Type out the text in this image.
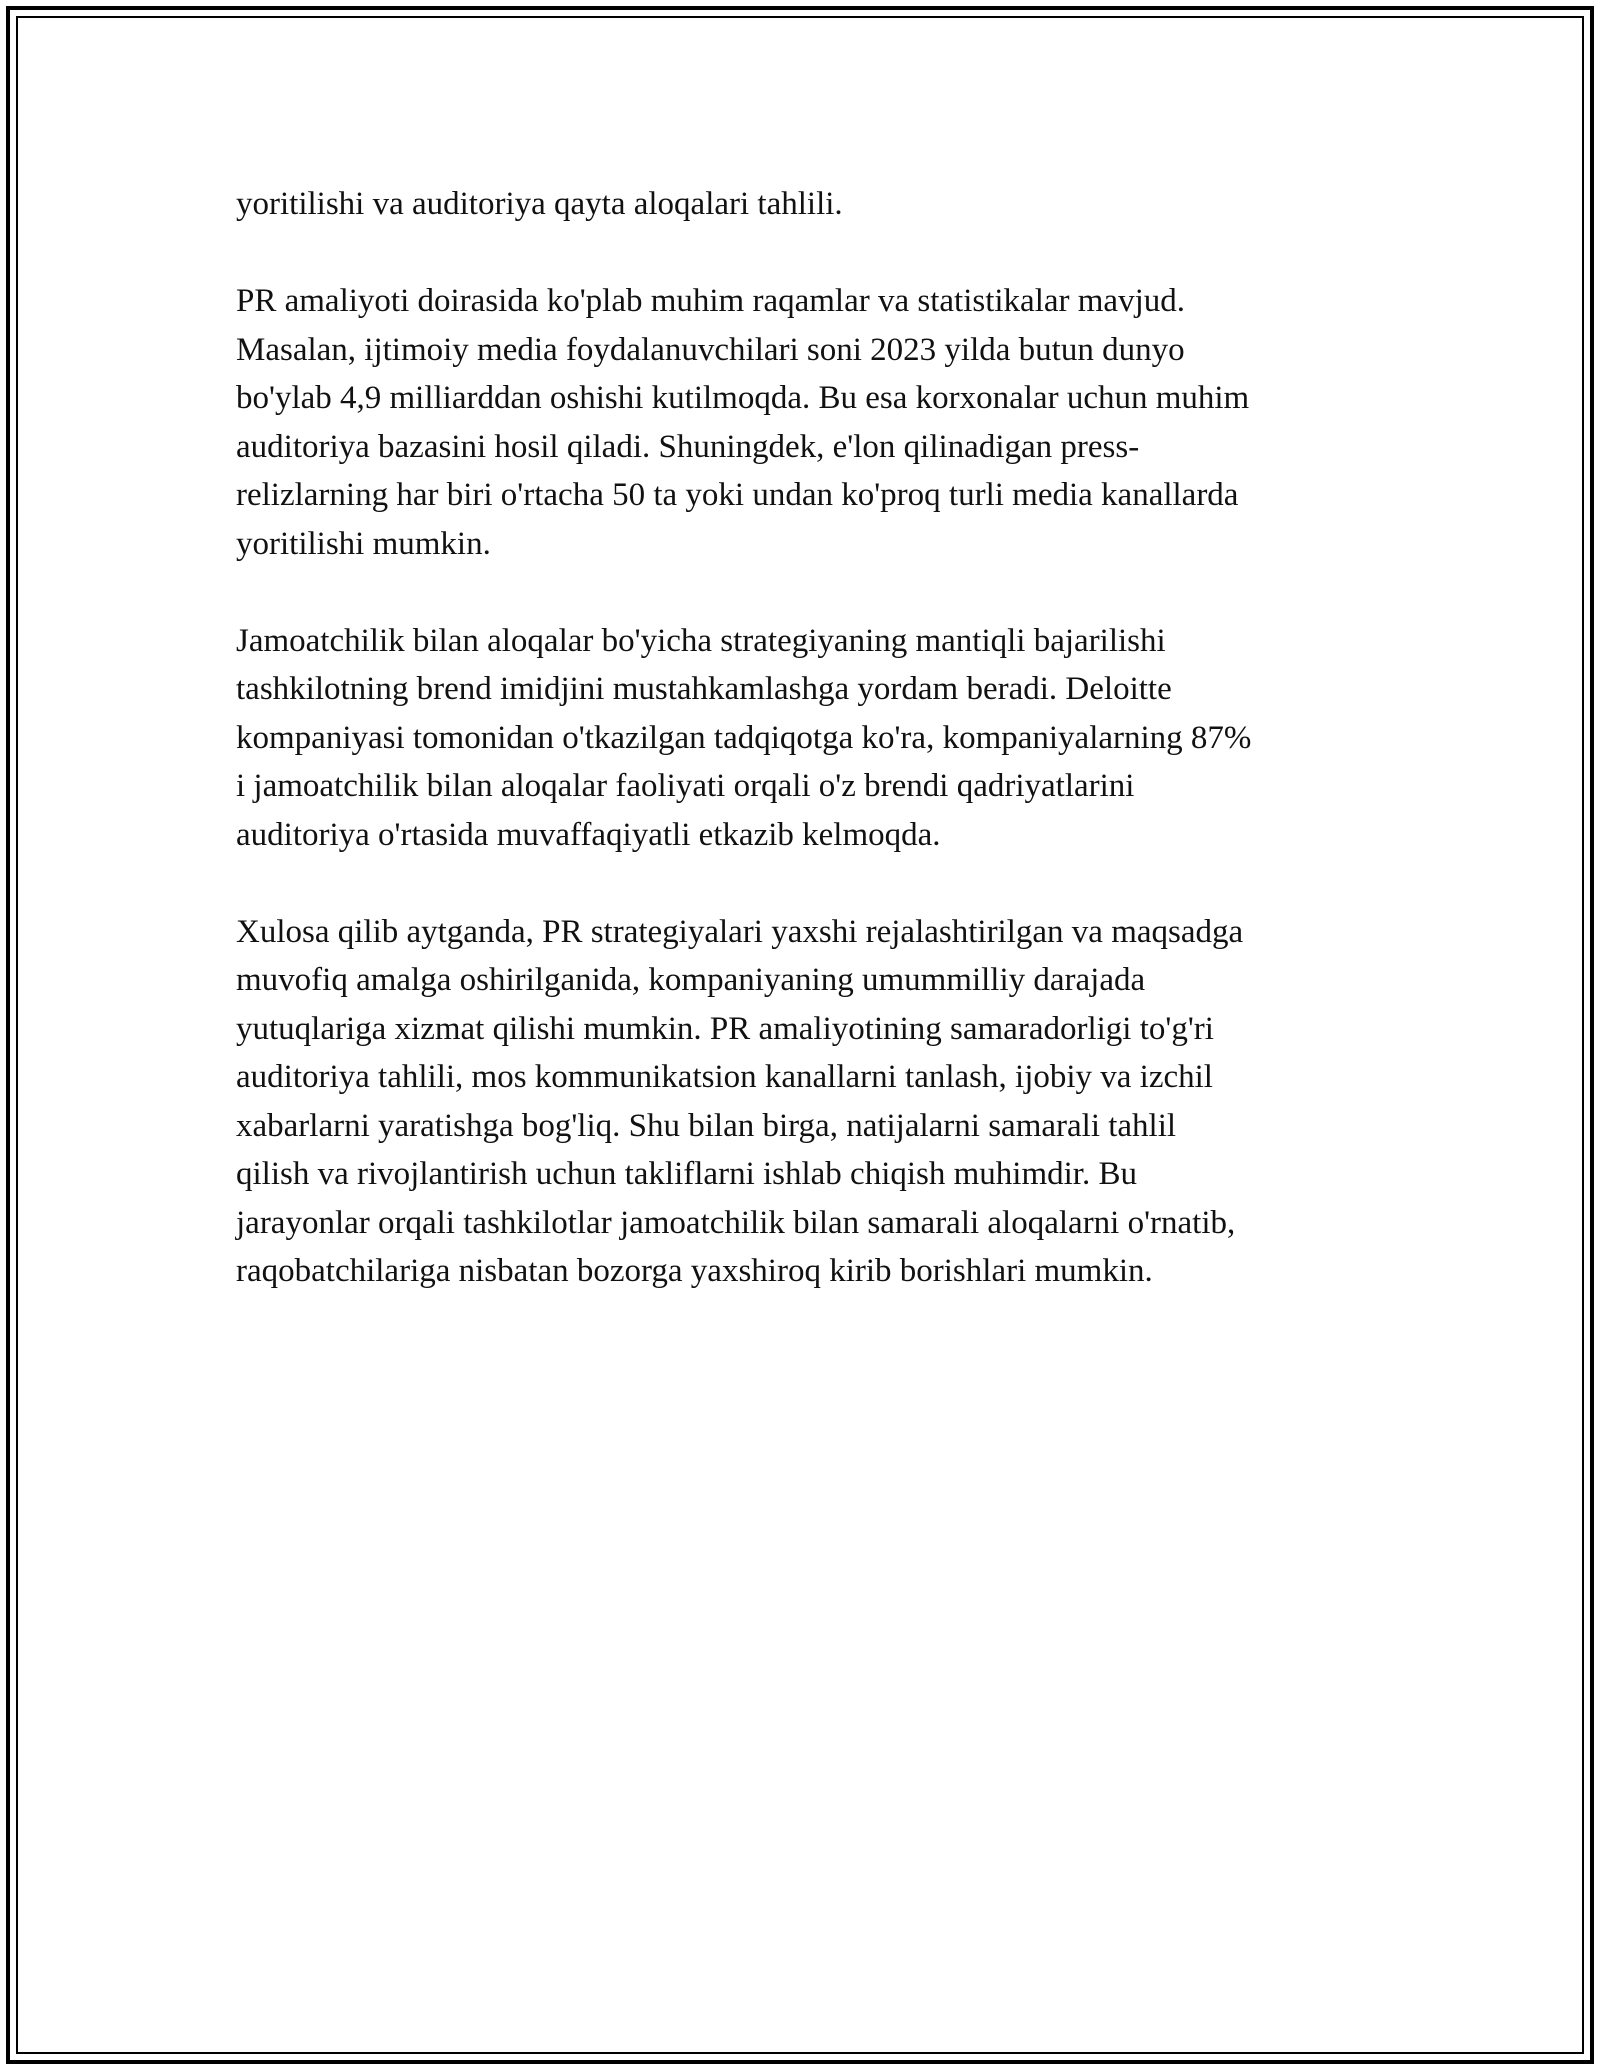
yoritilishi va auditoriya qayta aloqalari tahlili.

PR amaliyoti doirasida ko'plab muhim raqamlar va statistikalar mavjud.
Masalan, ijtimoiy media foydalanuvchilari soni 2023 yilda butun dunyo
bo'ylab 4,9 milliarddan oshishi kutilmoqda. Bu esa korxonalar uchun muhim
auditoriya bazasini hosil qiladi. Shuningdek, e'lon qilinadigan press-
relizlarning har biri o'rtacha 50 ta yoki undan ko'proq turli media kanallarda
yoritilishi mumkin.

Jamoatchilik bilan aloqalar bo'yicha strategiyaning mantiqli bajarilishi
tashkilotning brend imidjini mustahkamlashga yordam beradi. Deloitte
kompaniyasi tomonidan o'tkazilgan tadqiqotga ko'ra, kompaniyalarning 87%
i jamoatchilik bilan aloqalar faoliyati orqali o'z brendi qadriyatlarini
auditoriya o'rtasida muvaffaqiyatli etkazib kelmoqda.

Xulosa qilib aytganda, PR strategiyalari yaxshi rejalashtirilgan va maqsadga
muvofiq amalga oshirilganida, kompaniyaning umummilliy darajada
yutuqlariga xizmat qilishi mumkin. PR amaliyotining samaradorligi to'g'ri
auditoriya tahlili, mos kommunikatsion kanallarni tanlash, ijobiy va izchil
xabarlarni yaratishga bog'liq. Shu bilan birga, natijalarni samarali tahlil
qilish va rivojlantirish uchun takliflarni ishlab chiqish muhimdir. Bu
jarayonlar orqali tashkilotlar jamoatchilik bilan samarali aloqalarni o'rnatib,
raqobatchilariga nisbatan bozorga yaxshiroq kirib borishlari mumkin.
